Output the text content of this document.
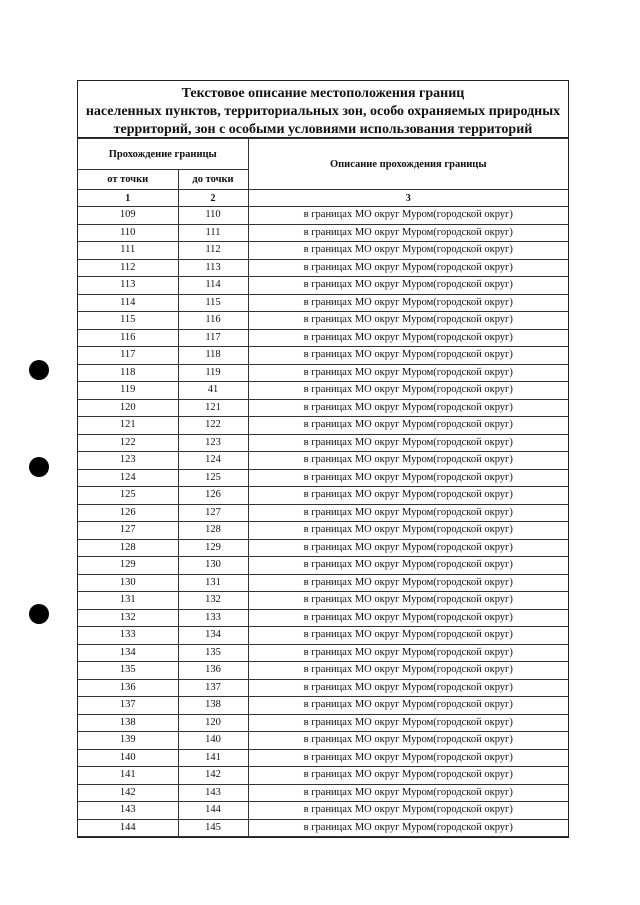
Текстовое описание местоположения границ
населенных пунктов, территориальных зон, особо охраняемых природных
территорий, зон с особыми условиями использования территорий
Прохождение границы		Описание прохождения границы
от точки	до точки	
1	2	3
109	110	в границах МО округ Муром(городской округ)
110	111	в границах МО округ Муром(городской округ)
111	112	в границах МО округ Муром(городской округ)
112	113	в границах МО округ Муром(городской округ)
113	114	в границах МО округ Муром(городской округ)
114	115	в границах МО округ Муром(городской округ)
115	116	в границах МО округ Муром(городской округ)
116	117	в границах МО округ Муром(городской округ)
117	118	в границах МО округ Муром(городской округ)
118	119	в границах МО округ Муром(городской округ)
119	41	в границах МО округ Муром(городской округ)
120	121	в границах МО округ Муром(городской округ)
121	122	в границах МО округ Муром(городской округ)
122	123	в границах МО округ Муром(городской округ)
123	124	в границах МО округ Муром(городской округ)
124	125	в границах МО округ Муром(городской округ)
125	126	в границах МО округ Муром(городской округ)
126	127	в границах МО округ Муром(городской округ)
127	128	в границах МО округ Муром(городской округ)
128	129	в границах МО округ Муром(городской округ)
129	130	в границах МО округ Муром(городской округ)
130	131	в границах МО округ Муром(городской округ)
131	132	в границах МО округ Муром(городской округ)
132	133	в границах МО округ Муром(городской округ)
133	134	в границах МО округ Муром(городской округ)
134	135	в границах МО округ Муром(городской округ)
135	136	в границах МО округ Муром(городской округ)
136	137	в границах МО округ Муром(городской округ)
137	138	в границах МО округ Муром(городской округ)
138	120	в границах МО округ Муром(городской округ)
139	140	в границах МО округ Муром(городской округ)
140	141	в границах МО округ Муром(городской округ)
141	142	в границах МО округ Муром(городской округ)
142	143	в границах МО округ Муром(городской округ)
143	144	в границах МО округ Муром(городской округ)
144	145	в границах МО округ Муром(городской округ)
